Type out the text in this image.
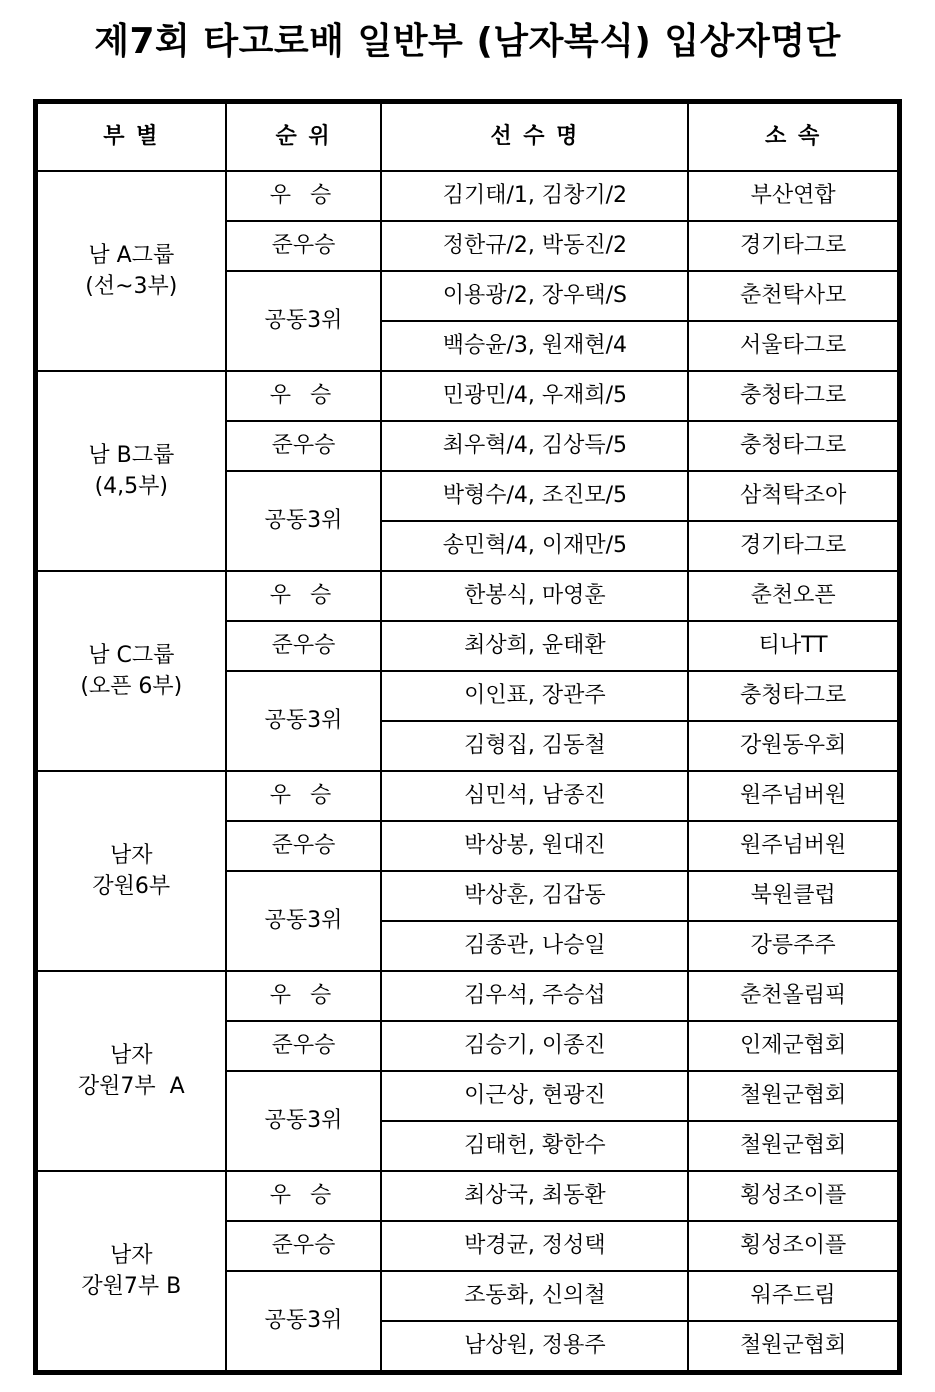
제7회 타고로배 일반부 (남자복식) 입상자명단
부 별	순 위	선 수 명	소 속

남 A그룹
(선~3부)	우 승	김기태/1, 김창기/2	부산연합
	준우승	정한규/2, 박동진/2	경기타그로
	공동3위	이용광/2, 장우택/S	춘천탁사모
		백승윤/3, 원재현/4	서울타그로

남 B그룹
(4,5부)	우 승	민광민/4, 우재희/5	충청타그로
	준우승	최우혁/4, 김상득/5	충청타그로
	공동3위	박형수/4, 조진모/5	삼척탁조아
		송민혁/4, 이재만/5	경기타그로

남 C그룹
(오픈 6부)	우 승	한봉식, 마영훈	춘천오픈
	준우승	최상희, 윤태환	티나TT
	공동3위	이인표, 장관주	충청타그로
		김형집, 김동철	강원동우회

남자
강원6부	우 승	심민석, 남종진	원주넘버원
	준우승	박상봉, 원대진	원주넘버원
	공동3위	박상훈, 김갑동	북원클럽
		김종관, 나승일	강릉주주

남자
강원7부  A	우 승	김우석, 주승섭	춘천올림픽
	준우승	김승기, 이종진	인제군협회
	공동3위	이근상, 현광진	철원군협회
		김태헌, 황한수	철원군협회

남자
강원7부 B	우 승	최상국, 최동환	횡성조이플
	준우승	박경균, 정성택	횡성조이플
	공동3위	조동화, 신의철	워주드림
		남상원, 정용주	철원군협회
